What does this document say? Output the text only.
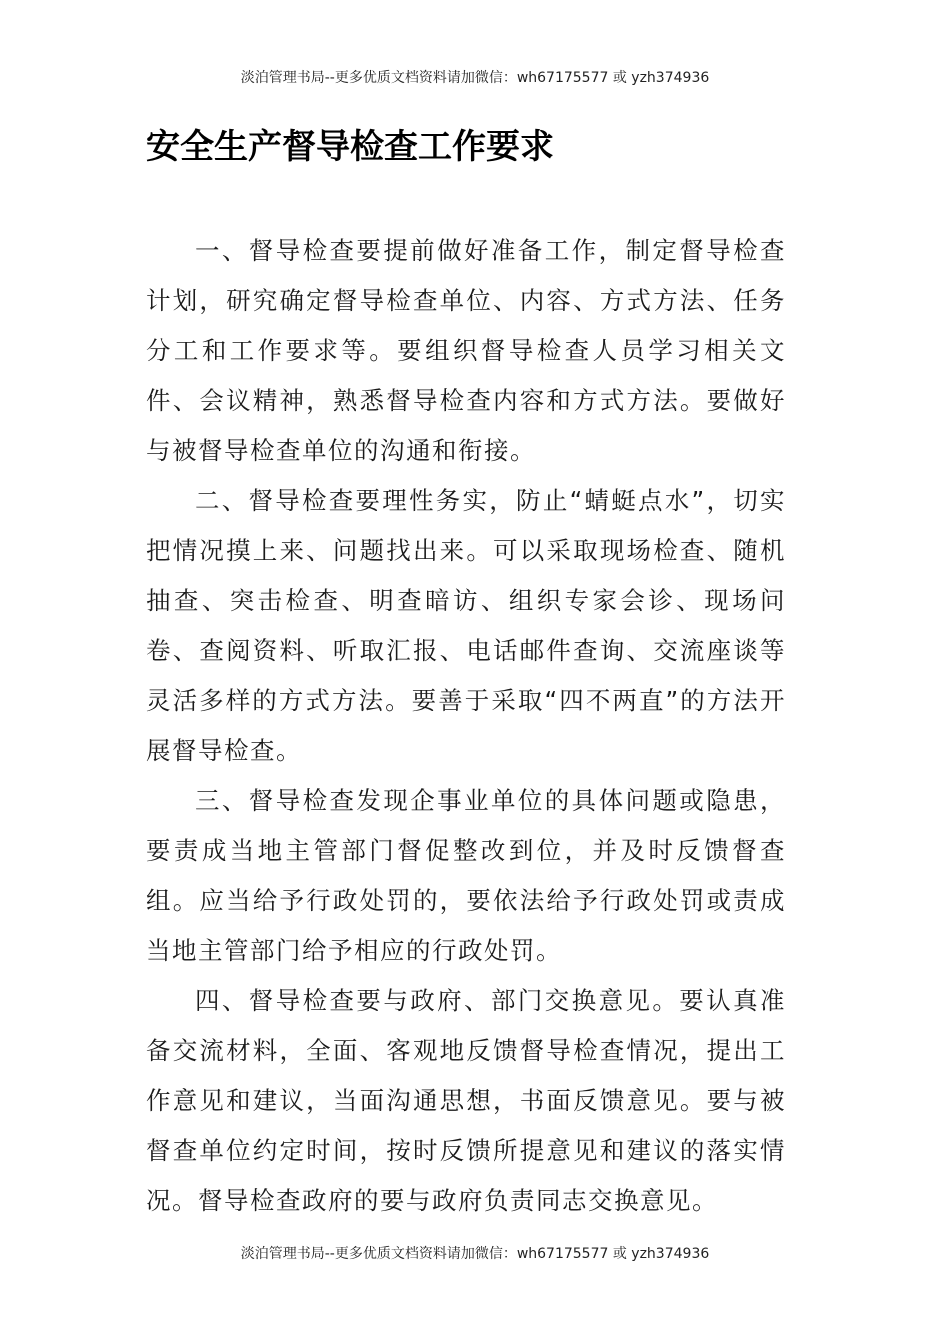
淡泊管理书局--更多优质文档资料请加微信：wh67175577 或 yzh374936
安全生产督导检查工作要求

一、督导检查要提前做好准备工作，制定督导检查计划，研究确定督导检查单位、内容、方式方法、任务分工和工作要求等。要组织督导检查人员学习相关文件、会议精神，熟悉督导检查内容和方式方法。要做好与被督导检查单位的沟通和衔接。

二、督导检查要理性务实，防止“蜻蜓点水”，切实把情况摸上来、问题找出来。可以采取现场检查、随机抽查、突击检查、明查暗访、组织专家会诊、现场问卷、查阅资料、听取汇报、电话邮件查询、交流座谈等灵活多样的方式方法。要善于采取“四不两直”的方法开展督导检查。

三、督导检查发现企事业单位的具体问题或隐患，要责成当地主管部门督促整改到位，并及时反馈督查组。应当给予行政处罚的，要依法给予行政处罚或责成当地主管部门给予相应的行政处罚。

四、督导检查要与政府、部门交换意见。要认真准备交流材料，全面、客观地反馈督导检查情况，提出工作意见和建议，当面沟通思想，书面反馈意见。要与被督查单位约定时间，按时反馈所提意见和建议的落实情况。督导检查政府的要与政府负责同志交换意见。

淡泊管理书局--更多优质文档资料请加微信：wh67175577 或 yzh374936
